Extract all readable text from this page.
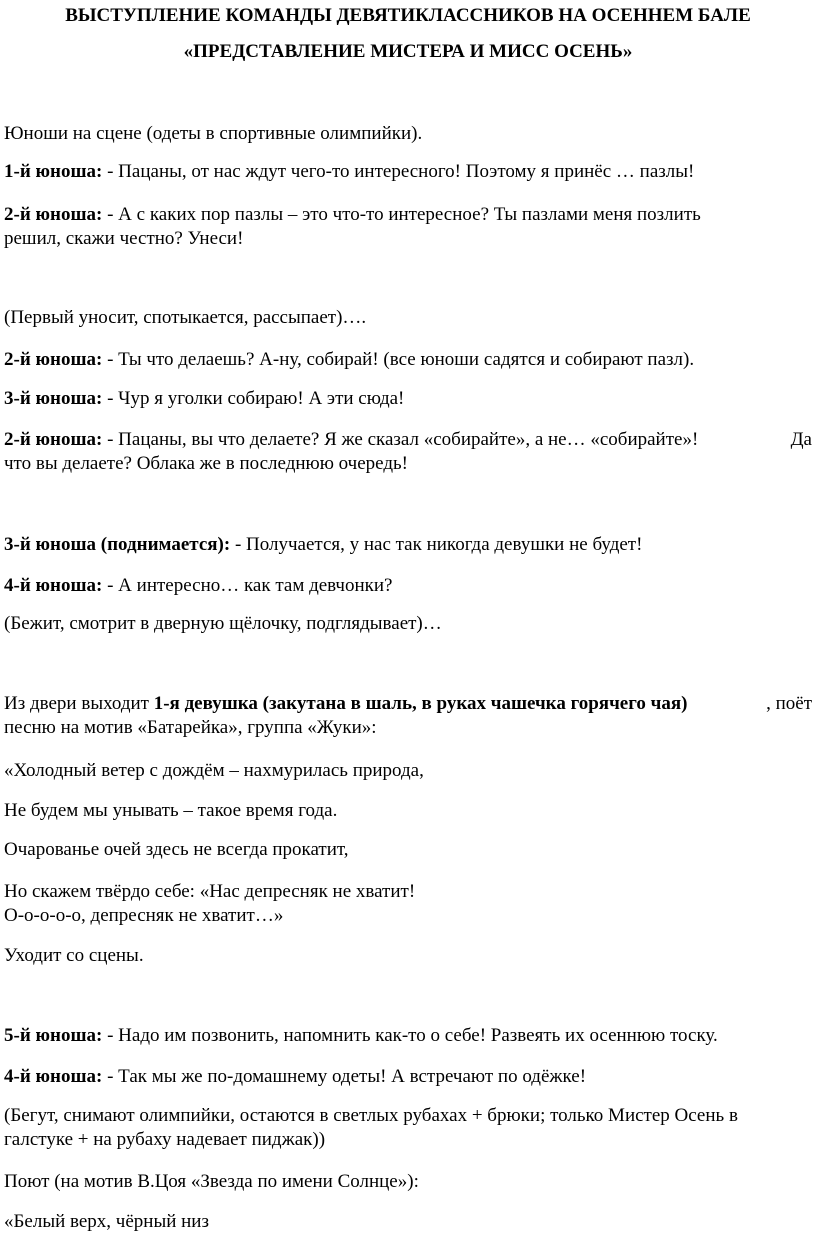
ВЫСТУПЛЕНИЕ КОМАНДЫ ДЕВЯТИКЛАССНИКОВ НА ОСЕННЕМ БАЛЕ
«ПРЕДСТАВЛЕНИЕ МИСТЕРА И МИСС ОСЕНЬ»
Юноши на сцене (одеты в спортивные олимпийки).
1-й юноша: - Пацаны, от нас ждут чего-то интересного! Поэтому я принёс … пазлы!
2-й юноша: - А с каких пор пазлы – это что-то интересное? Ты пазлами меня позлить
решил, скажи честно? Унеси!
(Первый уносит, спотыкается, рассыпает)….
2-й юноша: - Ты что делаешь? А-ну, собирай! (все юноши садятся и собирают пазл).
3-й юноша: - Чур я уголки собираю! А эти сюда!
2-й юноша: - Пацаны, вы что делаете? Я же сказал «собирайте», а не… «собирайте»!	Да
что вы делаете? Облака же в последнюю очередь!
3-й юноша (поднимается): - Получается, у нас так никогда девушки не будет!
4-й юноша: - А интересно… как там девчонки?
(Бежит, смотрит в дверную щёлочку, подглядывает)…
Из двери выходит 1-я девушка (закутана в шаль, в руках чашечка горячего чая)	, поёт
песню на мотив «Батарейка», группа «Жуки»:
«Холодный ветер с дождём – нахмурилась природа,
Не будем мы унывать – такое время года.
Очарованье очей здесь не всегда прокатит,
Но скажем твёрдо себе: «Нас депресняк не хватит!
О-о-о-о-о, депресняк не хватит…»
Уходит со сцены.
5-й юноша: - Надо им позвонить, напомнить как-то о себе! Развеять их осеннюю тоску.
4-й юноша: - Так мы же по-домашнему одеты! А встречают по одёжке!
(Бегут, снимают олимпийки, остаются в светлых рубахах + брюки; только Мистер Осень в
галстуке + на рубаху надевает пиджак))
Поют (на мотив В.Цоя «Звезда по имени Солнце»):
«Белый верх, чёрный низ
